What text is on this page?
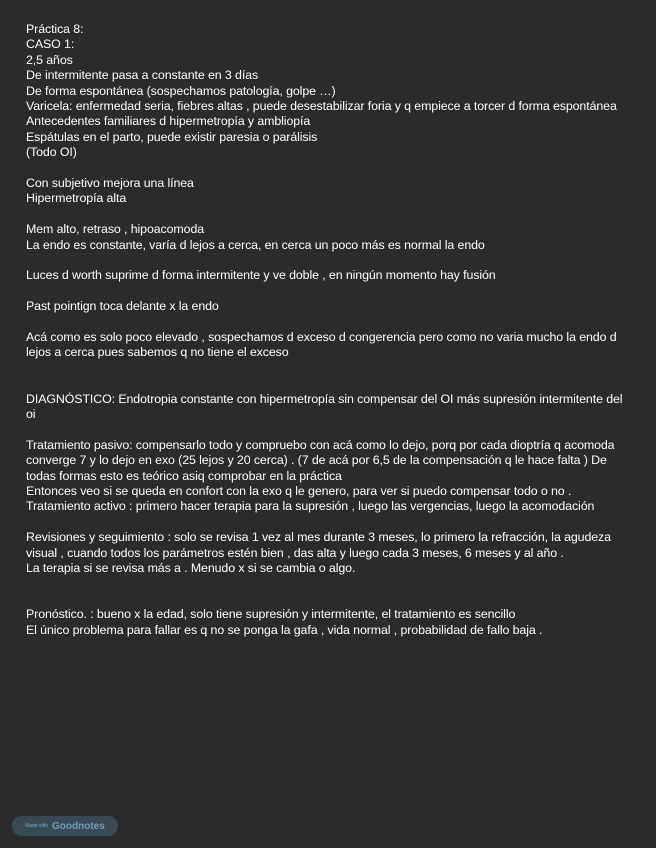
Práctica 8:
CASO 1:
2,5 años
De intermitente pasa a constante en 3 días
De forma espontánea (sospechamos patología, golpe …)
Varicela: enfermedad seria, fiebres altas , puede desestabilizar foria y q empiece a torcer d forma espontánea
Antecedentes familiares d hipermetropía y ambliopía
Espátulas en el parto, puede existir paresia o parálisis
(Todo OI)
Con subjetivo mejora una línea
Hipermetropía alta
Mem alto, retraso , hipoacomoda
La endo es constante, varía d lejos a cerca, en cerca un poco más es normal la endo
Luces d worth suprime d forma intermitente y ve doble , en ningún momento hay fusión
Past pointign toca delante x la endo
Acá como es solo poco elevado , sospechamos d exceso d congerencia pero como no varia mucho la endo d lejos a cerca pues sabemos q no tiene el exceso
DIAGNÓSTICO: Endotropia constante con hipermetropía sin compensar del OI más supresión intermitente del oi
Tratamiento pasivo: compensarlo todo y compruebo con acá como lo dejo, porq por cada dioptría q acomoda converge 7 y lo dejo en exo (25 lejos y 20 cerca) . (7 de acá por 6,5 de la compensación q le hace falta ) De todas formas esto es teórico asiq comprobar en la práctica
Entonces veo si se queda en confort con la exo q le genero, para ver si puedo compensar todo o no .
Tratamiento activo : primero hacer terapia para la supresión , luego las vergencias, luego la acomodación
Revisiones y seguimiento : solo se revisa 1 vez al mes durante 3 meses, lo primero la refracción, la agudeza visual , cuando todos los parámetros estén bien , das alta y luego cada 3 meses, 6 meses y al año .
La terapia si se revisa más a . Menudo x si se cambia o algo.
Pronóstico. : bueno x la edad, solo tiene supresión y intermitente, el tratamiento es sencillo
El único problema para fallar es q no se ponga la gafa , vida normal , probabilidad de fallo baja .
Made with Goodnotes
